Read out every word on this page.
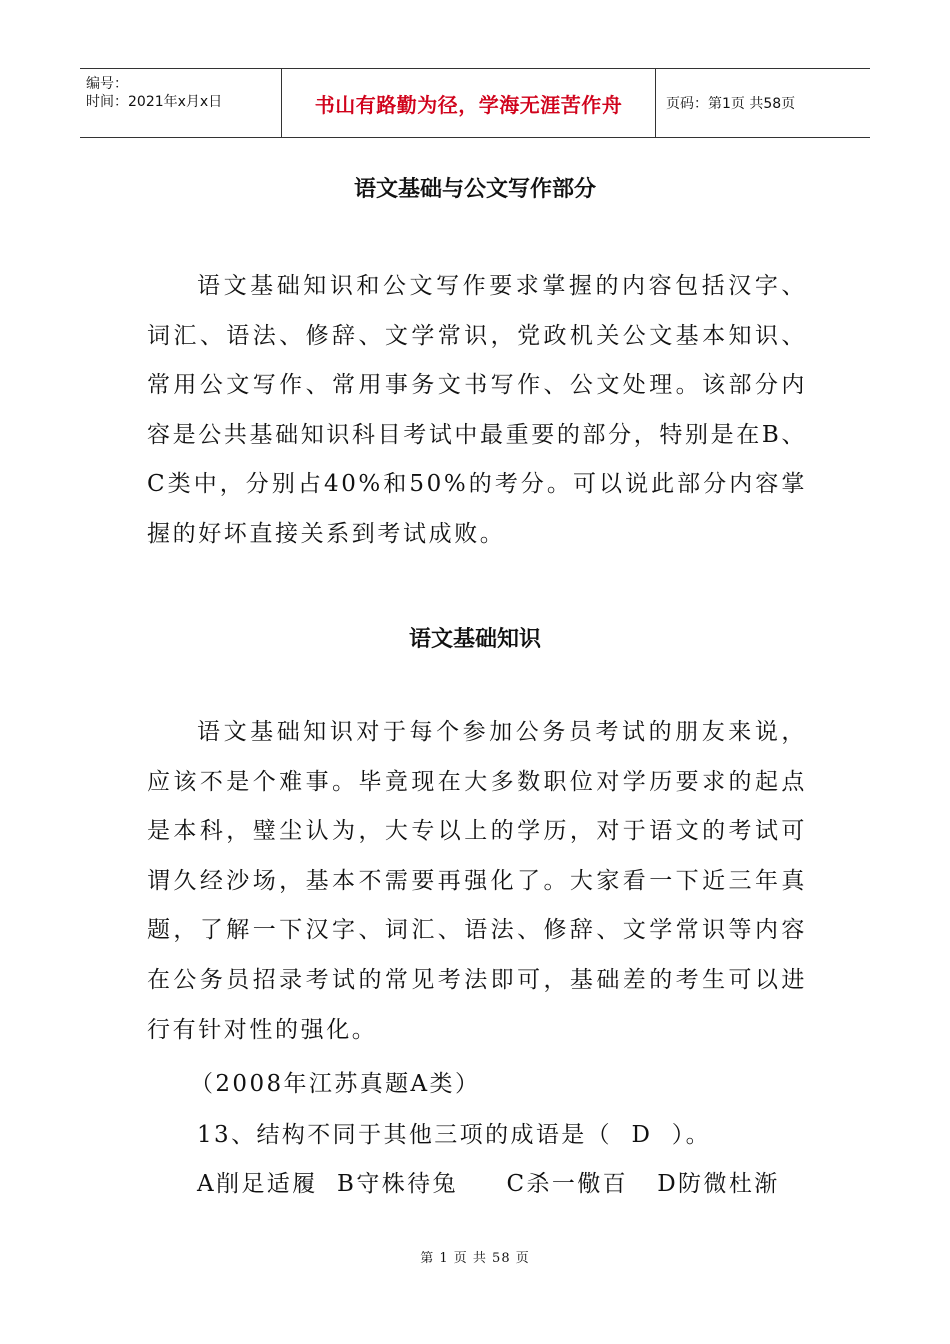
编号：
时间：2021年x月x日	书山有路勤为径，学海无涯苦作舟	页码：第1页 共58页
语文基础与公文写作部分

语文基础知识和公文写作要求掌握的内容包括汉字、词汇、语法、修辞、文学常识，党政机关公文基本知识、常用公文写作、常用事务文书写作、公文处理。该部分内容是公共基础知识科目考试中最重要的部分，特别是在B、C类中，分别占40%和50%的考分。可以说此部分内容掌握的好坏直接关系到考试成败。

语文基础知识

语文基础知识对于每个参加公务员考试的朋友来说，应该不是个难事。毕竟现在大多数职位对学历要求的起点是本科，璧尘认为，大专以上的学历，对于语文的考试可谓久经沙场，基本不需要再强化了。大家看一下近三年真题，了解一下汉字、词汇、语法、修辞、文学常识等内容在公务员招录考试的常见考法即可，基础差的考生可以进行有针对性的强化。

（2008年江苏真题A类）
13、结构不同于其他三项的成语是（  D  ）。
A削足适履  B守株待兔     C杀一儆百   D防微杜渐
第 1 页 共 58 页
